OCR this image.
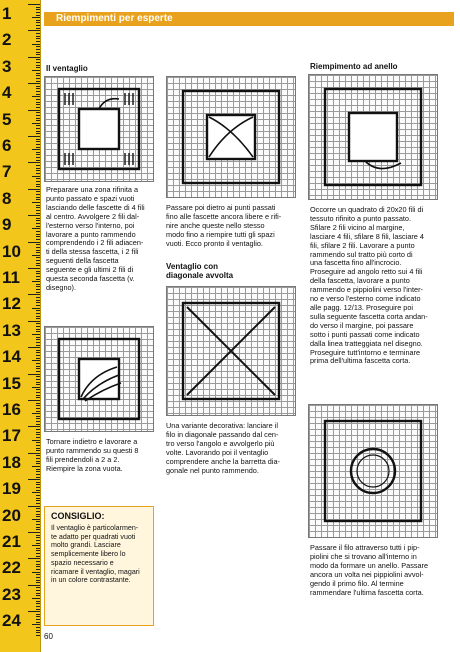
1
2
3
4
5
6
7
8
9
10
11
12
13
14
15
16
17
18
19
20
21
22
23
24
Riempimenti per esperte
Il ventaglio

Preparare una zona rifinita a
punto passato e spazi vuoti
lasciando delle fascette di 4 fili
al centro. Avvolgere 2 fili dal-
l'esterno verso l'interno, poi
lavorare a punto rammendo
comprendendo i 2 fili adiacen-
ti della stessa fascetta, i 2 fili
seguenti della fascetta
seguente e gli ultimi 2 fili di
questa seconda fascetta (v.
disegno).

Tornare indietro e lavorare a
punto rammendo su questi 8
fili prendendoli a 2 a 2.
Riempire la zona vuota.

CONSIGLIO:

Il ventaglio è particolarmen-
te adatto per quadrati vuoti
molto grandi. Lasciare
semplicemente libero lo
spazio necessario e
ricamare il ventaglio, magari
in un colore contrastante.

Passare poi dietro ai punti passati
fino alle fascette ancora libere e rifi-
nire anche queste nello stesso
modo fino a riempire tutti gli spazi
vuoti. Ecco pronto il ventaglio.

Ventaglio con
diagonale avvolta

Una variante decorativa: lanciare il
filo in diagonale passando dal cen-
tro verso l'angolo e avvolgerlo più
volte. Lavorando poi il ventaglio
comprendere anche la barretta dia-
gonale nel punto rammendo.

Riempimento ad anello

Occorre un quadrato di 20x20 fili di
tessuto rifinito a punto passato.
Sfilare 2 fili vicino al margine,
lasciare 4 fili, sfilare 8 fili, lasciare 4
fili, sfilare 2 fili. Lavorare a punto
rammendo sul tratto più corto di
una fascetta fino all'incrocio.
Proseguire ad angolo retto sui 4 fili
della fascetta, lavorare a punto
rammendo e pippiolini verso l'inter-
no e verso l'esterno come indicato
alle pagg. 12/13. Proseguire poi
sulla seguente fascetta corta andan-
do verso il margine, poi passare
sotto i punti passati come indicato
dalla linea tratteggiata nel disegno.
Proseguire tutt'intorno e terminare
prima dell'ultima fascetta corta.

Passare il filo attraverso tutti i pip-
piolini che si trovano all'interno in
modo da formare un anello. Passare
ancora un volta nei pippiolini avvol-
gendo il primo filo. Al termine
rammendare l'ultima fascetta corta.

60
